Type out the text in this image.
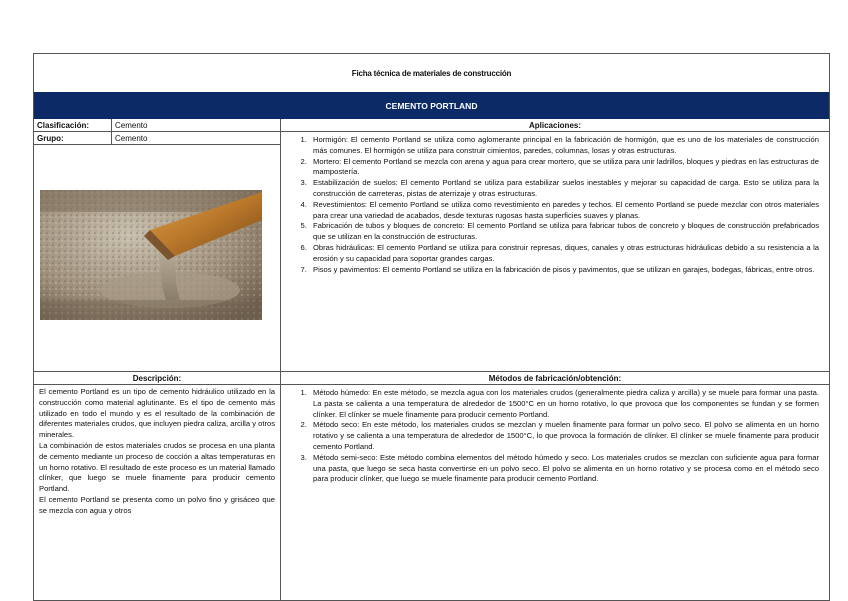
Ficha técnica de materiales de construcción
CEMENTO PORTLAND
Clasificación:	Cemento
Grupo:	Cemento
Aplicaciones:
1. Hormigón: El cemento Portland se utiliza como aglomerante principal en la fabricación de hormigón, que es uno de los materiales de construcción más comunes. El hormigón se utiliza para construir cimientos, paredes, columnas, losas y otras estructuras.
2. Mortero: El cemento Portland se mezcla con arena y agua para crear mortero, que se utiliza para unir ladrillos, bloques y piedras en las estructuras de mampostería.
3. Estabilización de suelos: El cemento Portland se utiliza para estabilizar suelos inestables y mejorar su capacidad de carga. Esto se utiliza para la construcción de carreteras, pistas de aterrizaje y otras estructuras.
4. Revestimientos: El cemento Portland se utiliza como revestimiento en paredes y techos. El cemento Portland se puede mezclar con otros materiales para crear una variedad de acabados, desde texturas rugosas hasta superficies suaves y planas.
5. Fabricación de tubos y bloques de concreto: El cemento Portland se utiliza para fabricar tubos de concreto y bloques de construcción prefabricados que se utilizan en la construcción de estructuras.
6. Obras hidráulicas: El cemento Portland se utiliza para construir represas, diques, canales y otras estructuras hidráulicas debido a su resistencia a la erosión y su capacidad para soportar grandes cargas.
7. Pisos y pavimentos: El cemento Portland se utiliza en la fabricación de pisos y pavimentos, que se utilizan en garajes, bodegas, fábricas, entre otros.
Descripción:

El cemento Portland es un tipo de cemento hidráulico utilizado en la construcción como material aglutinante. Es el tipo de cemento más utilizado en todo el mundo y es el resultado de la combinación de diferentes materiales crudos, que incluyen piedra caliza, arcilla y otros minerales.

La combinación de estos materiales crudos se procesa en una planta de cemento mediante un proceso de cocción a altas temperaturas en un horno rotativo. El resultado de este proceso es un material llamado clínker, que luego se muele finamente para producir cemento Portland.

El cemento Portland se presenta como un polvo fino y grisáceo que se mezcla con agua y otros

Métodos de fabricación/obtención:
1. Método húmedo: En este método, se mezcla agua con los materiales crudos (generalmente piedra caliza y arcilla) y se muele para formar una pasta. La pasta se calienta a una temperatura de alrededor de 1500°C en un horno rotativo, lo que provoca que los componentes se fundan y se formen clínker. El clínker se muele finamente para producir cemento Portland.
2. Método seco: En este método, los materiales crudos se mezclan y muelen finamente para formar un polvo seco. El polvo se alimenta en un horno rotativo y se calienta a una temperatura de alrededor de 1500°C, lo que provoca la formación de clínker. El clínker se muele finamente para producir cemento Portland.
3. Método semi-seco: Este método combina elementos del método húmedo y seco. Los materiales crudos se mezclan con suficiente agua para formar una pasta, que luego se seca hasta convertirse en un polvo seco. El polvo se alimenta en un horno rotativo y se procesa como en el método seco para producir clínker, que luego se muele finamente para producir cemento Portland.
